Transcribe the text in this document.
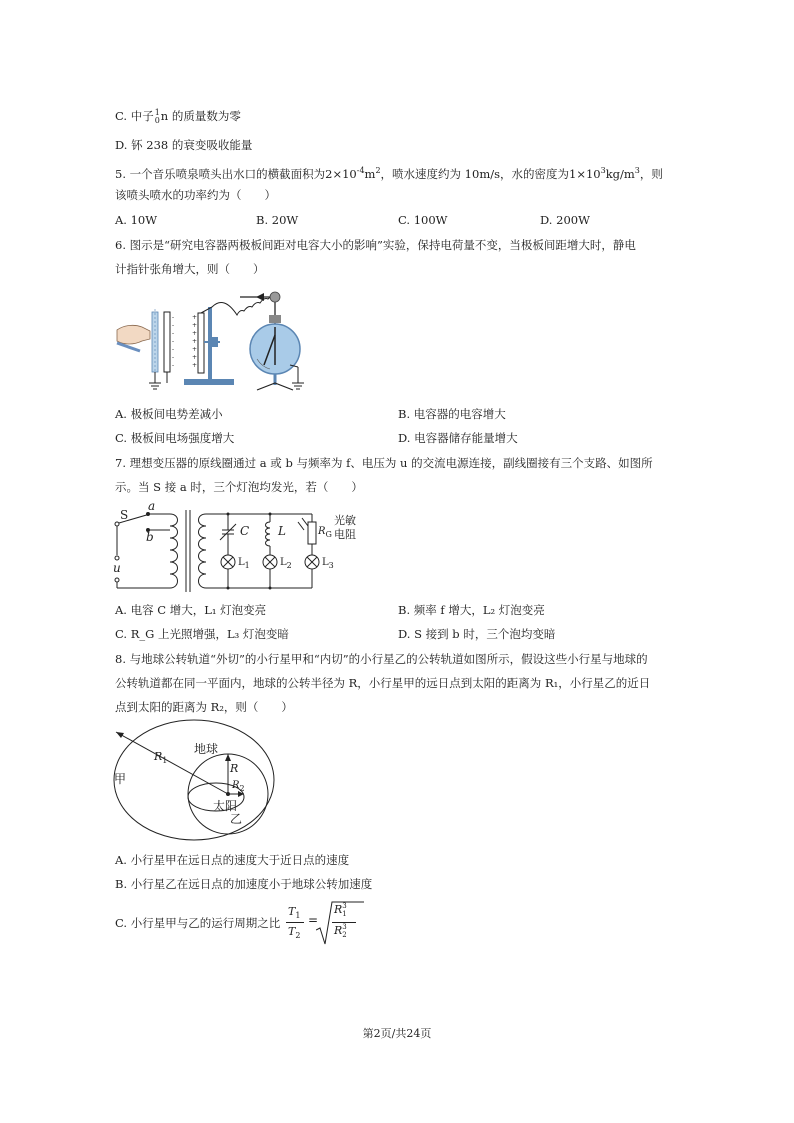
C. 中子1
0n 的质量数为零
D. 钚 238 的衰变吸收能量
5. 一个音乐喷泉喷头出水口的横截面积为$2\times 10^{-4}m^2$，喷水速度约为 10m/s，水的密度为$1\times 10^3kg/m^3$，则
该喷头喷水的功率约为（　　）
A. 10W	B. 20W	C. 100W	D. 200W
6. 图示是“研究电容器两极板间距对电容大小的影响”实验，保持电荷量不变，当极板间距增大时，静电
计指针张角增大，则（　　）
-
-
-
-
-
-
-
+
+
+
+
+
+
+
A. 极板间电势差减小	B. 电容器的电容增大
C. 极板间电场强度增大	D. 电容器储存能量增大
7. 理想变压器的原线圈通过 a 或 b 与频率为 f、电压为 u 的交流电源连接，副线圈接有三个支路、如图所
示。当 S 接 a 时，三个灯泡均发光，若（　　）
S
a
b
u
C L	$R_G$
光敏
电阻
$L_1$	$L_2$	$L_3$
A. 电容 C 增大，L₁ 灯泡变亮	B. 频率 f 增大，L₂ 灯泡变亮
C. R_G 上光照增强，L₃ 灯泡变暗	D. S 接到 b 时，三个泡均变暗
8. 与地球公转轨道“外切”的小行星甲和“内切”的小行星乙的公转轨道如图所示，假设这些小行星与地球的
公转轨道都在同一平面内，地球的公转半径为 R，小行星甲的远日点到太阳的距离为 R₁，小行星乙的近日
点到太阳的距离为 R₂，则（　　）
地球
甲
乙
太阳
$R_1$
R
$R_2$
A. 小行星甲在远日点的速度大于近日点的速度
B. 小行星乙在远日点的加速度小于地球公转加速度
C. 小行星甲与乙的运行周期之比
$T_1$
$T_2$
=
R 3
1
R 3
2
第2页/共24页
